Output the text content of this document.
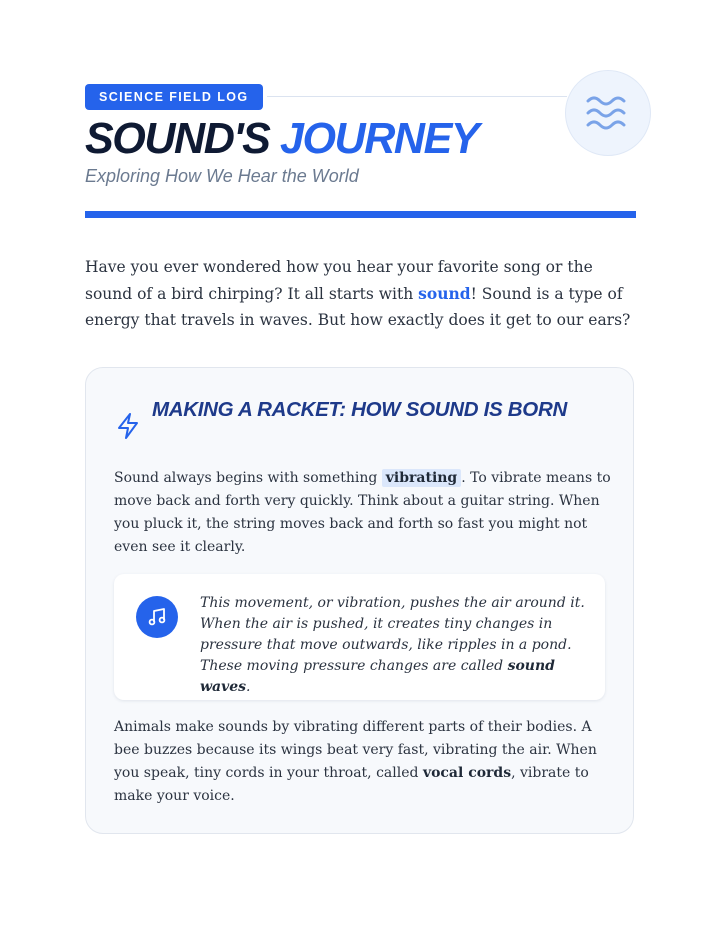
SCIENCE FIELD LOG
SOUND'S JOURNEY
Exploring How We Hear the World

Have you ever wondered how you hear your favorite song or the sound of a bird chirping? It all starts with sound! Sound is a type of energy that travels in waves. But how exactly does it get to our ears?

MAKING A RACKET: HOW SOUND IS BORN

Sound always begins with something vibrating . To vibrate means to move back and forth very quickly. Think about a guitar string. When you pluck it, the string moves back and forth so fast you might not even see it clearly.

This movement, or vibration, pushes the air around it. When the air is pushed, it creates tiny changes in pressure that move outwards, like ripples in a pond. These moving pressure changes are called sound waves.

Animals make sounds by vibrating different parts of their bodies. A bee buzzes because its wings beat very fast, vibrating the air. When you speak, tiny cords in your throat, called vocal cords, vibrate to make your voice.
